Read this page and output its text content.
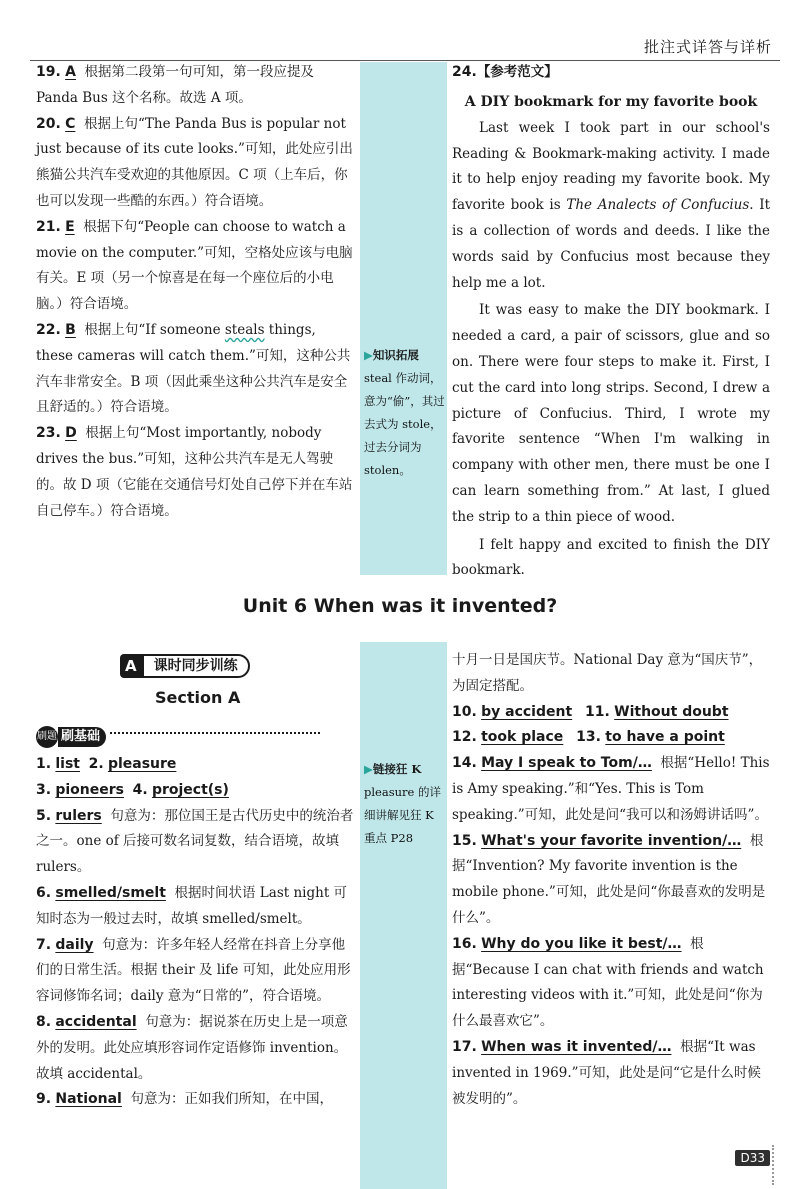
批注式详答与详析

19. A 根据第二段第一句可知，第一段应提及 Panda Bus 这个名称。故选 A 项。

20. C 根据上句“The Panda Bus is popular not just because of its cute looks.”可知，此处应引出熊猫公共汽车受欢迎的其他原因。C 项（上车后，你也可以发现一些酷的东西。）符合语境。

21. E 根据下句“People can choose to watch a movie on the computer.”可知，空格处应该与电脑有关。E 项（另一个惊喜是在每一个座位后的小电脑。）符合语境。

22. B 根据上句“If someone steals things, these cameras will catch them.”可知，这种公共汽车非常安全。B 项（因此乘坐这种公共汽车是安全且舒适的。）符合语境。

23. D 根据上句“Most importantly, nobody drives the bus.”可知，这种公共汽车是无人驾驶的。故 D 项（它能在交通信号灯处自己停下并在车站自己停车。）符合语境。

▶知识拓展
steal 作动词，意为“偷”，其过去式为 stole，过去分词为 stolen。

24.【参考范文】

A DIY bookmark for my favorite book

Last week I took part in our school's Reading & Bookmark-making activity. I made it to help enjoy reading my favorite book. My favorite book is The Analects of Confucius. It is a collection of words and deeds. I like the words said by Confucius most because they help me a lot.

It was easy to make the DIY bookmark. I needed a card, a pair of scissors, glue and so on. There were four steps to make it. First, I cut the card into long strips. Second, I drew a picture of Confucius. Third, I wrote my favorite sentence “When I'm walking in company with other men, there must be one I can learn something from.” At last, I glued the strip to a thin piece of wood.

I felt happy and excited to finish the DIY bookmark.

Unit 6 When was it invented?
A 课时同步训练
Section A
刷题 刷基础

1. list 2. pleasure

3. pioneers 4. project(s)

5. rulers 句意为：那位国王是古代历史中的统治者之一。one of 后接可数名词复数，结合语境，故填 rulers。

6. smelled/smelt 根据时间状语 Last night 可知时态为一般过去时，故填 smelled/smelt。

7. daily 句意为：许多年轻人经常在抖音上分享他们的日常生活。根据 their 及 life 可知，此处应用形容词修饰名词；daily 意为“日常的”，符合语境。

8. accidental 句意为：据说茶在历史上是一项意外的发明。此处应填形容词作定语修饰 invention。故填 accidental。

9. National 句意为：正如我们所知，在中国，

▶链接狂 K
pleasure 的详细讲解见狂 K 重点 P28

十月一日是国庆节。National Day 意为“国庆节”，为固定搭配。

10. by accident 11. Without doubt

12. took place 13. to have a point

14. May I speak to Tom/… 根据“Hello! This is Amy speaking.”和“Yes. This is Tom speaking.”可知，此处是问“我可以和汤姆讲话吗”。

15. What's your favorite invention/… 根据“Invention? My favorite invention is the mobile phone.”可知，此处是问“你最喜欢的发明是什么”。

16. Why do you like it best/… 根据“Because I can chat with friends and watch interesting videos with it.”可知，此处是问“你为什么最喜欢它”。

17. When was it invented/… 根据“It was invented in 1969.”可知，此处是问“它是什么时候被发明的”。

D33
